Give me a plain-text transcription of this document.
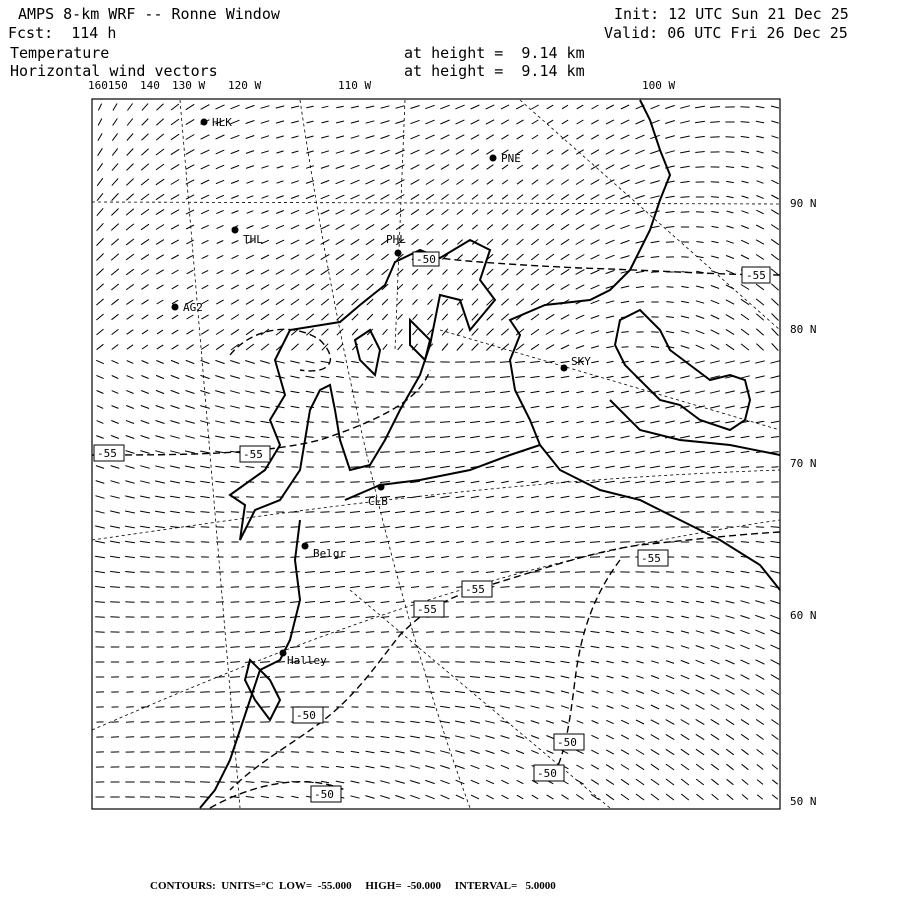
AMPS 8-km WRF -- Ronne Window	Init: 12 UTC Sun 21 Dec 25
Fcst:  114 h	Valid: 06 UTC Fri 26 Dec 25
Temperature	at height =  9.14 km
Horizontal wind vectors	at height =  9.14 km
160150 140 130 W 120 W	110 W	100 W
90 N
80 N
70 N
60 N
50 N
HLK
PNE
THL	PHL
AG2
SKY
CLB
Belgr
Halley
-50
-55
-55	-55
-55
-55
-55
-50
-50
-50
-50
CONTOURS:  UNITS=°C  LOW=  -55.000     HIGH=  -50.000     INTERVAL=   5.0000
